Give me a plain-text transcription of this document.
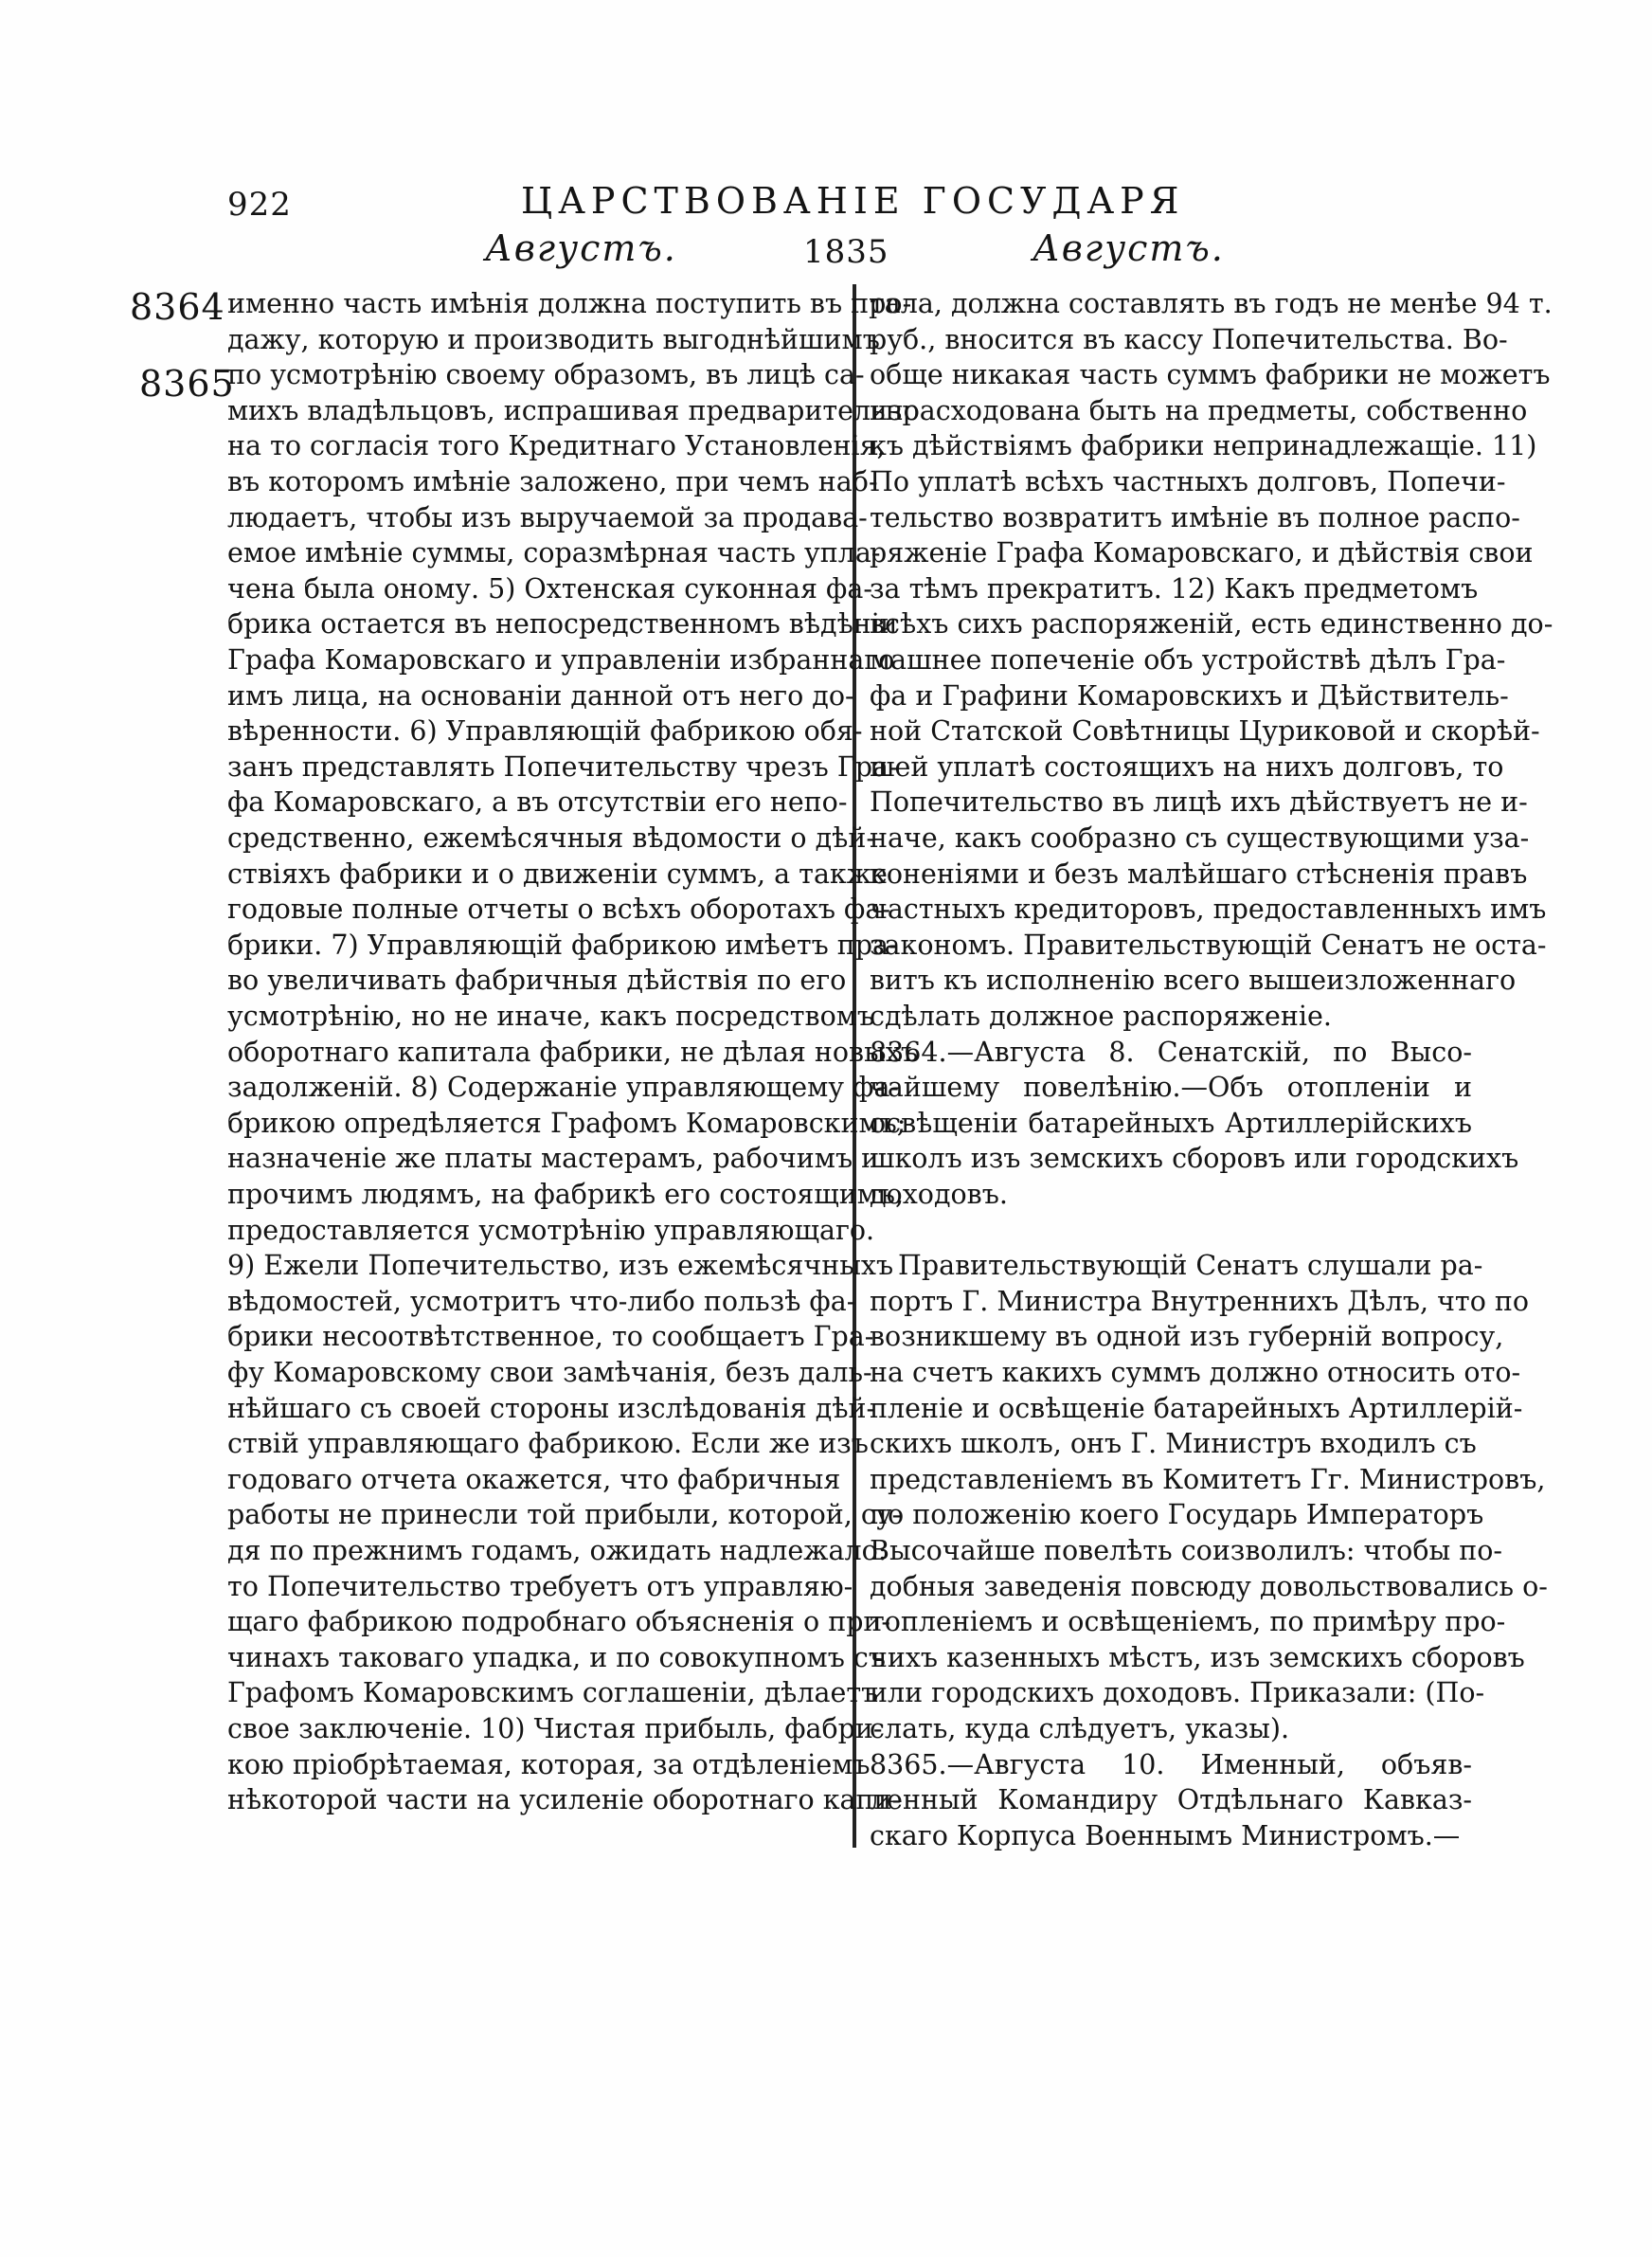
922	ЦАРСТВОВАНІЕ ГОСУДАРЯ
Августъ.	1835	Августъ.
8364
8365
именно часть имѣнія должна поступить въ про-
дажу, которую и производить выгоднѣйшимъ
по усмотрѣнію своему образомъ, въ лицѣ са-
михъ владѣльцовъ, испрашивая предварительно
на то согласія того Кредитнаго Установленія,
въ которомъ имѣніе заложено, при чемъ наб-
людаетъ, чтобы изъ выручаемой за продава-
емое имѣніе суммы, соразмѣрная часть упла-
чена была оному. 5) Охтенская суконная фа-
брика остается въ непосредственномъ вѣдѣніи
Графа Комаровскаго и управленіи избраннаго
имъ лица, на основаніи данной отъ него до-
вѣренности. 6) Управляющій фабрикою обя-
занъ представлять Попечительству чрезъ Гра-
фа Комаровскаго, а въ отсутствіи его непо-
средственно, ежемѣсячныя вѣдомости о дѣй-
ствіяхъ фабрики и о движеніи суммъ, а также
годовые полные отчеты о всѣхъ оборотахъ фа-
брики. 7) Управляющій фабрикою имѣетъ пра-
во увеличивать фабричныя дѣйствія по его
усмотрѣнію, но не иначе, какъ посредствомъ
оборотнаго капитала фабрики, не дѣлая новыхъ
задолженій. 8) Содержаніе управляющему фа-
брикою опредѣляется Графомъ Комаровскимъ;
назначеніе же платы мастерамъ, рабочимъ и
прочимъ людямъ, на фабрикѣ его состоящимъ,
предоставляется усмотрѣнію управляющаго.
9) Ежели Попечительство, изъ ежемѣсячныхъ
вѣдомостей, усмотритъ что-либо пользѣ фа-
брики несоотвѣтственное, то сообщаетъ Гра-
фу Комаровскому свои замѣчанія, безъ даль-
нѣйшаго съ своей стороны изслѣдованія дѣй-
ствій управляющаго фабрикою. Если же изъ
годоваго отчета окажется, что фабричныя
работы не принесли той прибыли, которой, су-
дя по прежнимъ годамъ, ожидать надлежало:
то Попечительство требуетъ отъ управляю-
щаго фабрикою подробнаго объясненія о при-
чинахъ таковаго упадка, и по совокупномъ съ
Графомъ Комаровскимъ соглашеніи, дѣлаетъ
свое заключеніе. 10) Чистая прибыль, фабри-
кою пріобрѣтаемая, которая, за отдѣленіемъ
нѣкоторой части на усиленіе оборотнаго капи-
тала, должна составлять въ годъ не менѣе 94 т.
руб., вносится въ кассу Попечительства. Во-
обще никакая часть суммъ фабрики не можетъ
израсходована быть на предметы, собственно
къ дѣйствіямъ фабрики непринадлежащіе. 11)
По уплатѣ всѣхъ частныхъ долговъ, Попечи-
тельство возвратитъ имѣніе въ полное распо-
ряженіе Графа Комаровскаго, и дѣйствія свои
за тѣмъ прекратитъ. 12) Какъ предметомъ
всѣхъ сихъ распоряженій, есть единственно до-
машнее попеченіе объ устройствѣ дѣлъ Гра-
фа и Графини Комаровскихъ и Дѣйствитель-
ной Статской Совѣтницы Цуриковой и скорѣй-
шей уплатѣ состоящихъ на нихъ долговъ, то
Попечительство въ лицѣ ихъ дѣйствуетъ не и-
наче, какъ сообразно съ существующими уза-
коненіями и безъ малѣйшаго стѣсненія правъ
частныхъ кредиторовъ, предоставленныхъ имъ
закономъ. Правительствующій Сенатъ не оста-
витъ къ исполненію всего вышеизложеннаго
сдѣлать должное распоряженіе.
8364.—Августа 8. Сенатскій, по Высо-
чайшему повелѣнію.—Объ отопленіи и
освѣщеніи батарейныхъ Артиллерійскихъ
школъ изъ земскихъ сборовъ или городскихъ
доходовъ.
Правительствующій Сенатъ слушали ра-
портъ Г. Министра Внутреннихъ Дѣлъ, что по
возникшему въ одной изъ губерній вопросу,
на счетъ какихъ суммъ должно относить ото-
пленіе и освѣщеніе батарейныхъ Артиллерій-
скихъ школъ, онъ Г. Министръ входилъ съ
представленіемъ въ Комитетъ Гг. Министровъ,
по положенію коего Государь Императоръ
Высочайше повелѣть соизволилъ: чтобы по-
добныя заведенія повсюду довольствовались о-
топленіемъ и освѣщеніемъ, по примѣру про-
чихъ казенныхъ мѣстъ, изъ земскихъ сборовъ
или городскихъ доходовъ. Приказали: (По-
слать, куда слѣдуетъ, указы).
8365.—Августа 10. Именный, объяв-
ленный Командиру Отдѣльнаго Кавказ-
скаго Корпуса Военнымъ Министромъ.—
